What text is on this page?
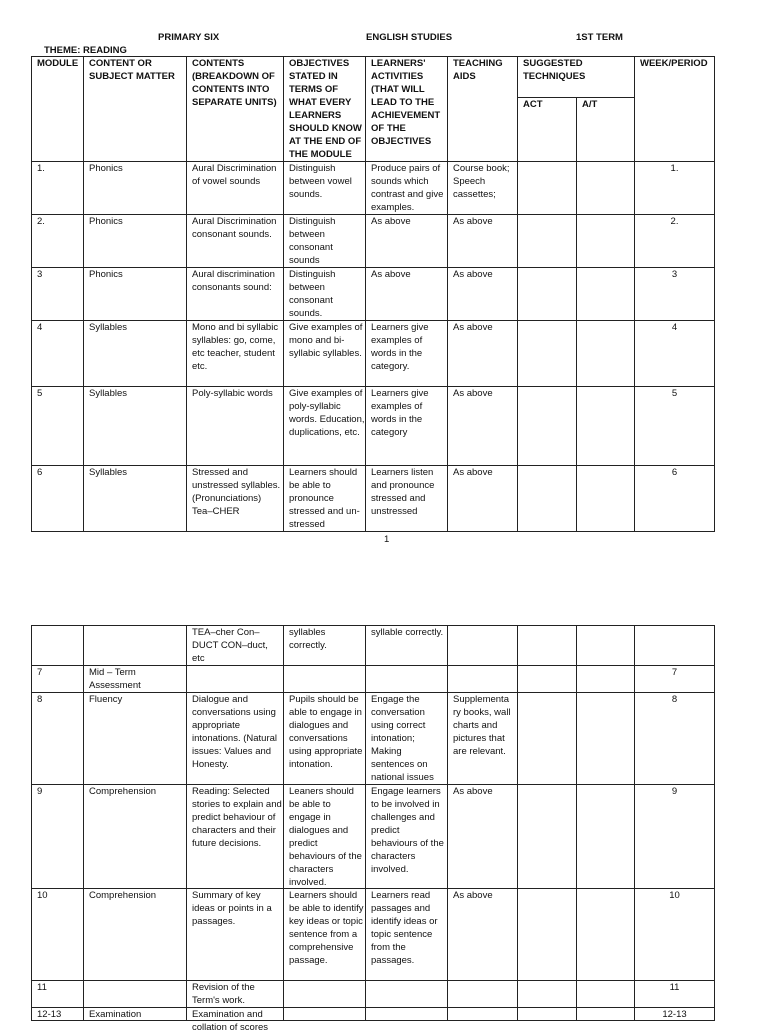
PRIMARY SIX	ENGLISH STUDIES	1ST TERM
THEME: READING
MODULE	CONTENT OR SUBJECT MATTER	CONTENTS (BREAKDOWN OF CONTENTS INTO SEPARATE UNITS)	OBJECTIVES STATED IN TERMS OF WHAT EVERY LEARNERS SHOULD KNOW AT THE END OF THE MODULE	LEARNERS' ACTIVITIES (THAT WILL LEAD TO THE ACHIEVEMENT OF THE OBJECTIVES	TEACHING AIDS	SUGGESTED TECHNIQUES		WEEK/PERIOD
						ACT	A/T	

1.	Phonics	Aural Discrimination of vowel sounds	Distinguish between vowel sounds.	Produce pairs of sounds which contrast and give examples.	Course book; Speech cassettes;			1.

2.	Phonics	Aural Discrimination consonant sounds.	Distinguish between consonant sounds	As above	As above			2.

3	Phonics	Aural discrimination consonants sound:	Distinguish between consonant sounds.	As above	As above			3

4	Syllables	Mono and bi syllabic syllables: go, come, etc teacher, student etc.	Give examples of mono and bi-syllabic syllables.	Learners give examples of words in the category.	As above			4

5	Syllables	Poly-syllabic words	Give examples of poly-syllabic words. Education, duplications, etc.	Learners give examples of words in the category	As above			5

6	Syllables	Stressed and unstressed syllables. (Pronunciations) Tea–CHER	Learners should be able to pronounce stressed and un-stressed	Learners listen and pronounce stressed and unstressed	As above			6
1

		TEA–cher Con–DUCT CON–duct, etc	syllables correctly.	syllable correctly.				

7	Mid – Term Assessment							7

8	Fluency	Dialogue and conversations using appropriate intonations. (Natural issues: Values and Honesty.	Pupils should be able to engage in dialogues and conversations using appropriate intonation.	Engage the conversation using correct intonation; Making sentences on national issues	Supplementa ry books, wall charts and pictures that are relevant.			8

9	Comprehension	Reading: Selected stories to explain and predict behaviour of characters and their future decisions.	Leaners should be able to engage in dialogues and predict behaviours of the characters involved.	Engage learners to be involved in challenges and predict behaviours of the characters involved.	As above			9

10	Comprehension	Summary of key ideas or points in a passages.	Learners should be able to identify key ideas or topic sentence from a comprehensive passage.	Learners read passages and identify ideas or topic sentence from the passages.	As above			10

11		Revision of the Term's work.						11

12-13	Examination	Examination and collation of scores						12-13
